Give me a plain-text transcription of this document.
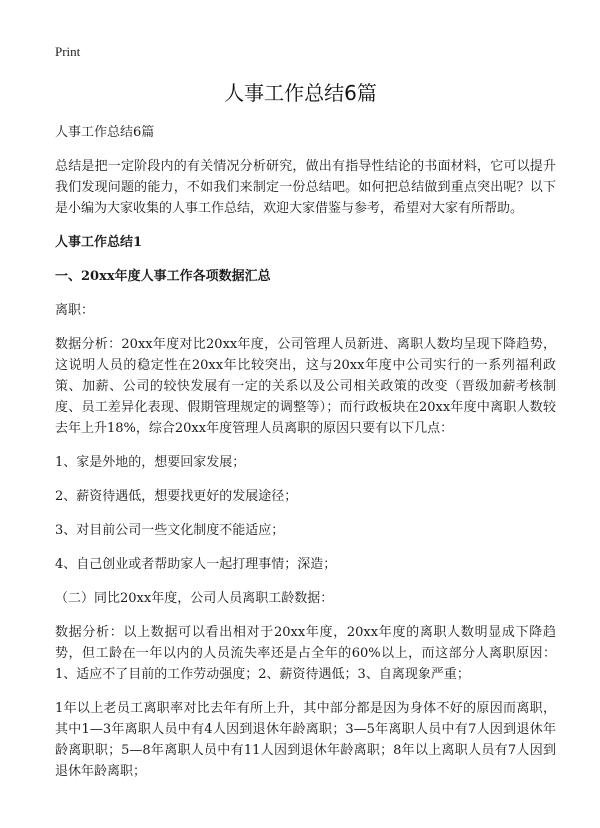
Print
人事工作总结6篇
人事工作总结6篇
总结是把一定阶段内的有关情况分析研究，做出有指导性结论的书面材料，它可以提升我们发现问题的能力，不如我们来制定一份总结吧。如何把总结做到重点突出呢？以下是小编为大家收集的人事工作总结，欢迎大家借鉴与参考，希望对大家有所帮助。
人事工作总结1
一、20xx年度人事工作各项数据汇总
离职：
数据分析：20xx年度对比20xx年度，公司管理人员新进、离职人数均呈现下降趋势，这说明人员的稳定性在20xx年比较突出，这与20xx年度中公司实行的一系列福利政策、加薪、公司的较快发展有一定的关系以及公司相关政策的改变（晋级加薪考核制度、员工差异化表现、假期管理规定的调整等）；而行政板块在20xx年度中离职人数较去年上升18%，综合20xx年度管理人员离职的原因只要有以下几点：
1、家是外地的，想要回家发展；
2、薪资待遇低，想要找更好的发展途径；
3、对目前公司一些文化制度不能适应；
4、自己创业或者帮助家人一起打理事情；深造；
（二）同比20xx年度，公司人员离职工龄数据：
数据分析：以上数据可以看出相对于20xx年度，20xx年度的离职人数明显成下降趋势，但工龄在一年以内的人员流失率还是占全年的60%以上，而这部分人离职原因：1、适应不了目前的工作劳动强度；2、薪资待遇低；3、自离现象严重；
1年以上老员工离职率对比去年有所上升，其中部分都是因为身体不好的原因而离职，其中1—3年离职人员中有4人因到退休年龄离职；3—5年离职人员中有7人因到退休年龄离职职；5—8年离职人员中有11人因到退休年龄离职；8年以上离职人员有7人因到退休年龄离职；
